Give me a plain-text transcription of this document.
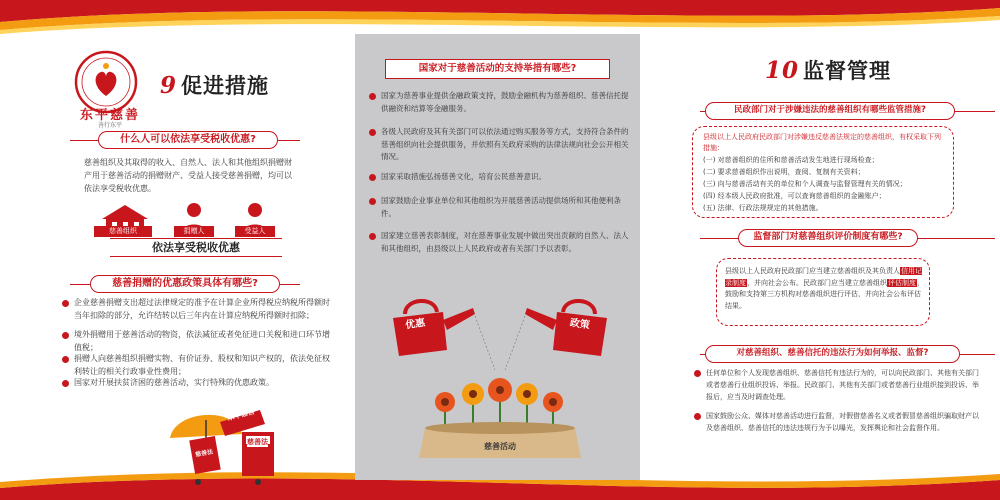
东平慈善
善行东平
9 促进措施
什么人可以依法享受税收优惠?
慈善组织及其取得的收入、自然人、法人和其他组织捐赠财产用于慈善活动的捐赠财产、受益人接受慈善捐赠，均可以依法享受税收优惠。
慈善组织	捐赠人	受益人
依法享受税收优惠
慈善捐赠的优惠政策具体有哪些?
企业慈善捐赠支出超过法律规定的准予在计算企业所得税应纳税所得额时当年扣除的部分，允许结转以后三年内在计算应纳税所得额时扣除；
境外捐赠用于慈善活动的物资，依法减征或者免征进口关税和进口环节增值税；
捐赠人向慈善组织捐赠实物、有价证券、股权和知识产权的，依法免征权利转让的相关行政事业性费用；
国家对开展扶贫济困的慈善活动，实行特殊的优惠政策。
东平慈善
慈善法
慈善法
国家对于慈善活动的支持举措有哪些?
国家为慈善事业提供金融政策支持，鼓励金融机构为慈善组织、慈善信托提供融资和结算等金融服务。
各级人民政府及其有关部门可以依法通过购买服务等方式，支持符合条件的慈善组织向社会提供服务，并依照有关政府采购的法律法规向社会公开相关情况。
国家采取措施弘扬慈善文化，培育公民慈善意识。
国家鼓励企业事业单位和其他组织为开展慈善活动提供场所和其他便利条件。
国家建立慈善表彰制度，对在慈善事业发展中做出突出贡献的自然人、法人和其他组织，由县级以上人民政府或者有关部门予以表彰。
优惠	政策
慈善活动
10 监督管理
民政部门对于涉嫌违法的慈善组织有哪些监管措施?
县级以上人民政府民政部门对涉嫌违反慈善法规定的慈善组织，有权采取下列措施：
(一) 对慈善组织的住所和慈善活动发生地进行现场检查；
(二) 要求慈善组织作出说明，查阅、复制有关资料；
(三) 向与慈善活动有关的单位和个人调查与监督管理有关的情况；
(四) 经本级人民政府批准，可以查询慈善组织的金融账户；
(五) 法律、行政法规规定的其他措施。
监督部门对慈善组织评价制度有哪些?
县级以上人民政府民政部门应当建立慈善组织及其负责人信用记录制度，并向社会公布。民政部门应当建立慈善组织评估制度，鼓励和支持第三方机构对慈善组织进行评估，并向社会公布评估结果。
对慈善组织、慈善信托的违法行为如何举报、监督?
任何单位和个人发现慈善组织、慈善信托有违法行为的，可以向民政部门、其他有关部门或者慈善行业组织投诉、举报。民政部门、其他有关部门或者慈善行业组织接到投诉、举报后，应当及时调查处理。
国家鼓励公众、媒体对慈善活动进行监督，对假借慈善名义或者假冒慈善组织骗取财产以及慈善组织、慈善信托的违法违规行为予以曝光，发挥舆论和社会监督作用。
